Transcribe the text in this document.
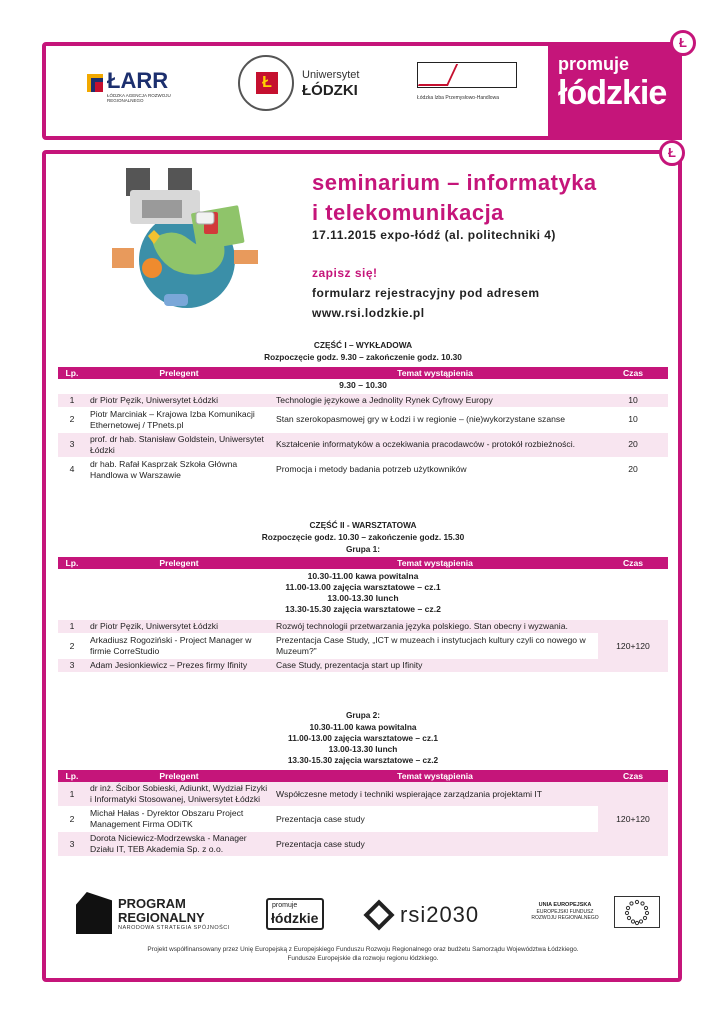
promuje
łódzkie
Ł
ŁARR
ŁÓDZKA AGENCJA ROZWOJU REGIONALNEGO
Ł	Uniwersytet
ŁÓDZKI	Łódzka Izba Przemysłowo-Handlowa
Ł
seminarium – informatyka
i telekomunikacja
17.11.2015 expo-łódź (al. politechniki 4)
zapisz się!
formularz rejestracyjny pod adresem
www.rsi.lodzkie.pl
CZĘŚĆ I – WYKŁADOWA
Rozpoczęcie godz. 9.30 – zakończenie godz. 10.30
Lp.	Prelegent	Temat wystąpienia	Czas
9.30 – 10.30			
1	dr Piotr Pęzik, Uniwersytet Łódzki	Technologie językowe a Jednolity Rynek Cyfrowy Europy	10
2	Piotr Marciniak – Krajowa Izba Komunikacji Ethernetowej / TPnets.pl	Stan szerokopasmowej gry w Łodzi i w regionie – (nie)wykorzystane szanse	10
3	prof. dr hab. Stanisław Goldstein, Uniwersytet Łódzki	Kształcenie informatyków a oczekiwania pracodawców - protokół rozbieżności.	20
4	dr hab. Rafał Kasprzak Szkoła Główna Handlowa w Warszawie	Promocja i metody badania potrzeb użytkowników	20
CZĘŚĆ II - WARSZTATOWA
Rozpoczęcie godz. 10.30 – zakończenie godz. 15.30
Grupa 1:
Lp.	Prelegent	Temat wystąpienia	Czas

10.30-11.00 kawa powitalna
11.00-13.00 zajęcia warsztatowe – cz.1
13.00-13.30 lunch
13.30-15.30 zajęcia warsztatowe – cz.2			

1	dr Piotr Pęzik, Uniwersytet Łódzki	Rozwój technologii przetwarzania języka polskiego. Stan obecny i wyzwania.	120+120
2	Arkadiusz Rogoziński - Project Manager w firmie CorreStudio	Prezentacja Case Study, „ICT w muzeach i instytucjach kultury czyli co nowego w Muzeum?”	
3	Adam Jesionkiewicz – Prezes firmy Ifinity	Case Study, prezentacja start up Ifinity	
Grupa 2:
10.30-11.00 kawa powitalna
11.00-13.00 zajęcia warsztatowe – cz.1
13.00-13.30 lunch
13.30-15.30 zajęcia warsztatowe – cz.2
Lp.	Prelegent	Temat wystąpienia	Czas
1	dr inż. Ścibor Sobieski, Adiunkt, Wydział Fizyki i Informatyki Stosowanej, Uniwersytet Łódzki	Współczesne metody i techniki wspierające zarządzania projektami IT	120+120
2	Michał Hałas - Dyrektor Obszaru Project Management Firma ODiTK	Prezentacja case study	
3	Dorota Niciewicz-Modrzewska - Manager Działu IT, TEB Akademia Sp. z o.o.	Prezentacja case study	
PROGRAM
REGIONALNY
NARODOWA STRATEGIA SPÓJNOŚCI
promuje
łódzkie	rsi2030	UNIA EUROPEJSKA
EUROPEJSKI FUNDUSZ
ROZWOJU REGIONALNEGO
Projekt współfinansowany przez Unię Europejską z Europejskiego Funduszu Rozwoju Regionalnego oraz budżetu Samorządu Województwa Łódzkiego.
Fundusze Europejskie dla rozwoju regionu łódzkiego.
